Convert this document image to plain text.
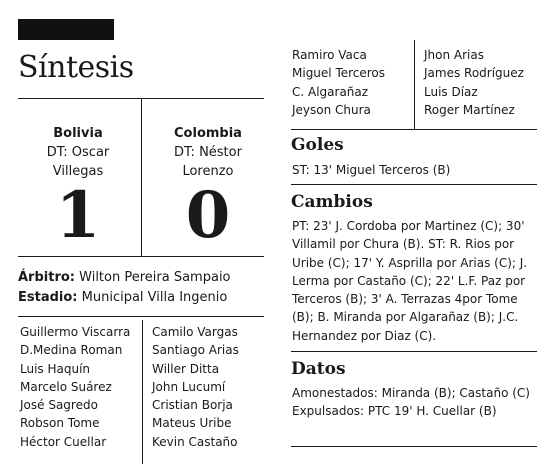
Síntesis
Bolivia
DT: Oscar
Villegas
1
Colombia
DT: Néstor
Lorenzo
0
Árbitro: Wilton Pereira Sampaio
Estadio: Municipal Villa Ingenio
Guillermo Viscarra
D.Medina Roman
Luis Haquín
Marcelo Suárez
José Sagredo
Robson Tome
Héctor Cuellar
Camilo Vargas
Santiago Arias
Willer Ditta
John Lucumí
Cristian Borja
Mateus Uribe
Kevin Castaño
Ramiro Vaca
Miguel Terceros
C. Algarañaz
Jeyson Chura
Jhon Arias
James Rodríguez
Luis Díaz
Roger Martínez
Goles
ST: 13' Miguel Terceros (B)
Cambios
PT: 23' J. Cordoba por Martinez (C); 30'
Villamil por Chura (B). ST: R. Rios por
Uribe (C); 17' Y. Asprilla por Arias (C); J.
Lerma por Castaño (C); 22' L.F. Paz por
Terceros (B); 3' A. Terrazas 4por Tome
(B); B. Miranda por Algarañaz (B); J.C.
Hernandez por Diaz (C).
Datos
Amonestados: Miranda (B); Castaño (C)
Expulsados: PTC 19' H. Cuellar (B)
